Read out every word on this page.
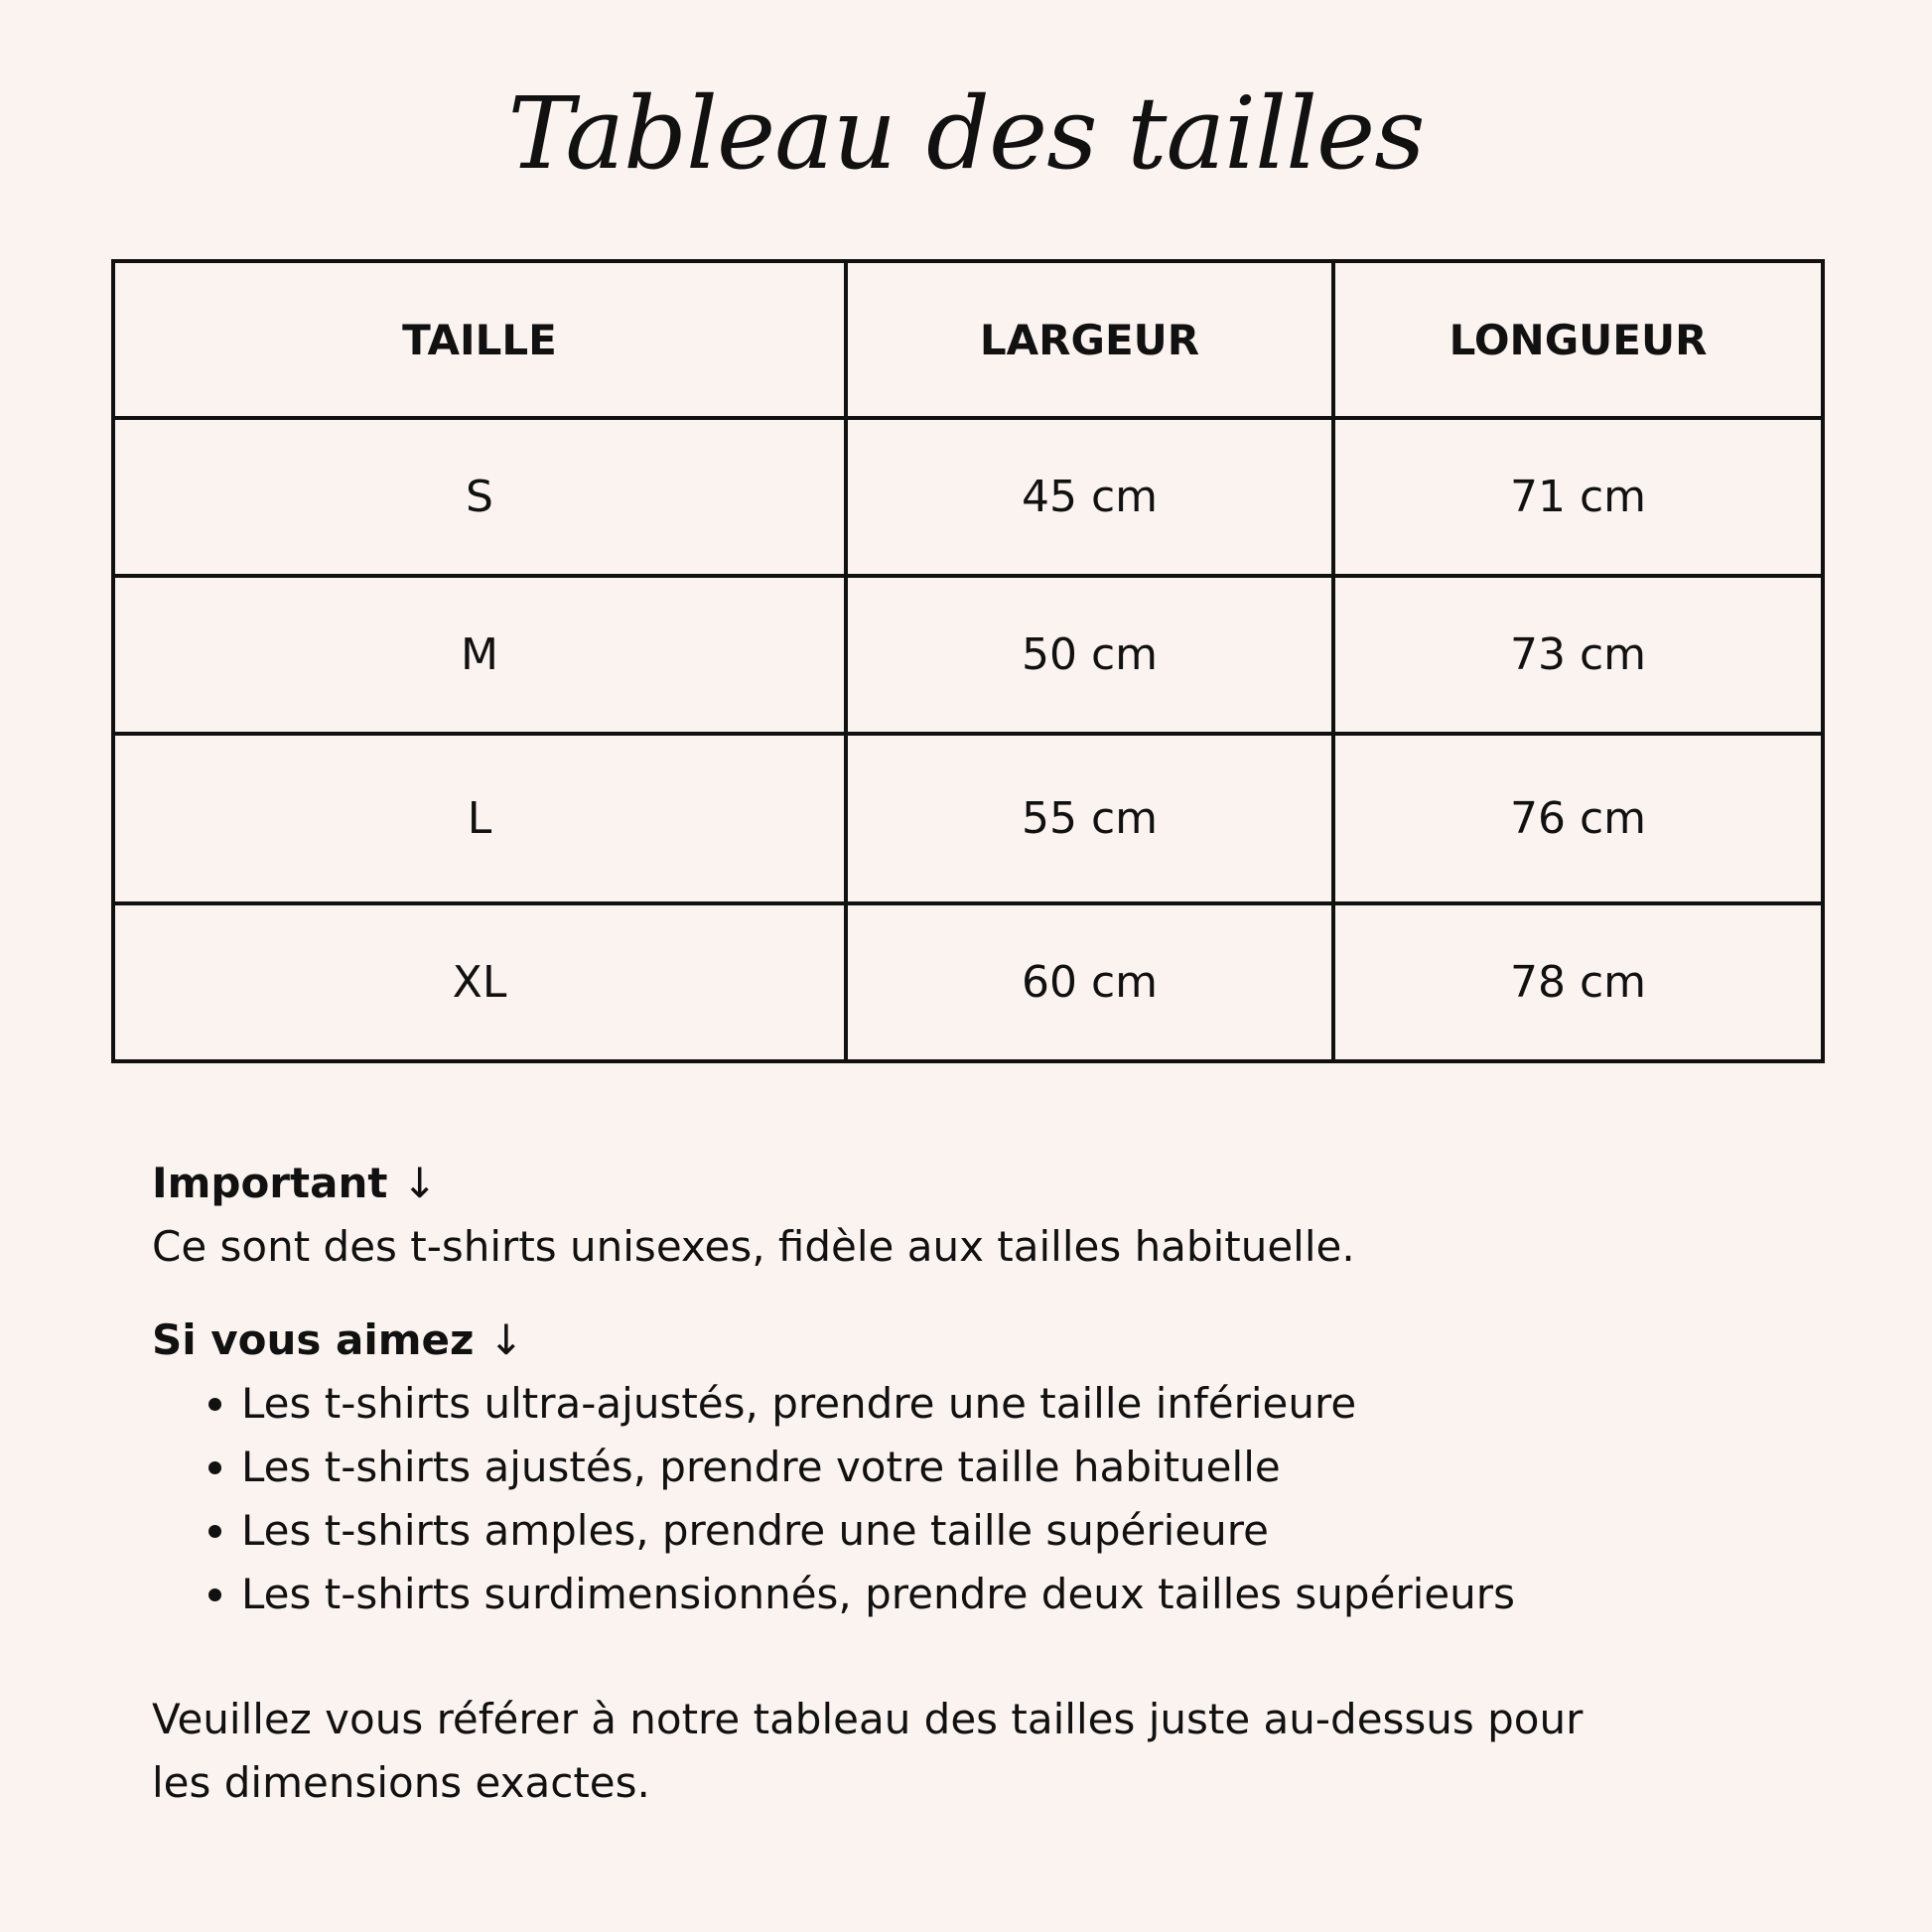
Tableau des tailles
TAILLE	LARGEUR	LONGUEUR
S	45 cm	71 cm
M	50 cm	73 cm
L	55 cm	76 cm
XL	60 cm	78 cm

Important ↓

Ce sont des t-shirts unisexes, fidèle aux tailles habituelle.

Si vous aimez ↓

• Les t-shirts ultra-ajustés, prendre une taille inférieure
• Les t-shirts ajustés, prendre votre taille habituelle
• Les t-shirts amples, prendre une taille supérieure
• Les t-shirts surdimensionnés, prendre deux tailles supérieurs

Veuillez vous référer à notre tableau des tailles juste au-dessus pour

les dimensions exactes.
